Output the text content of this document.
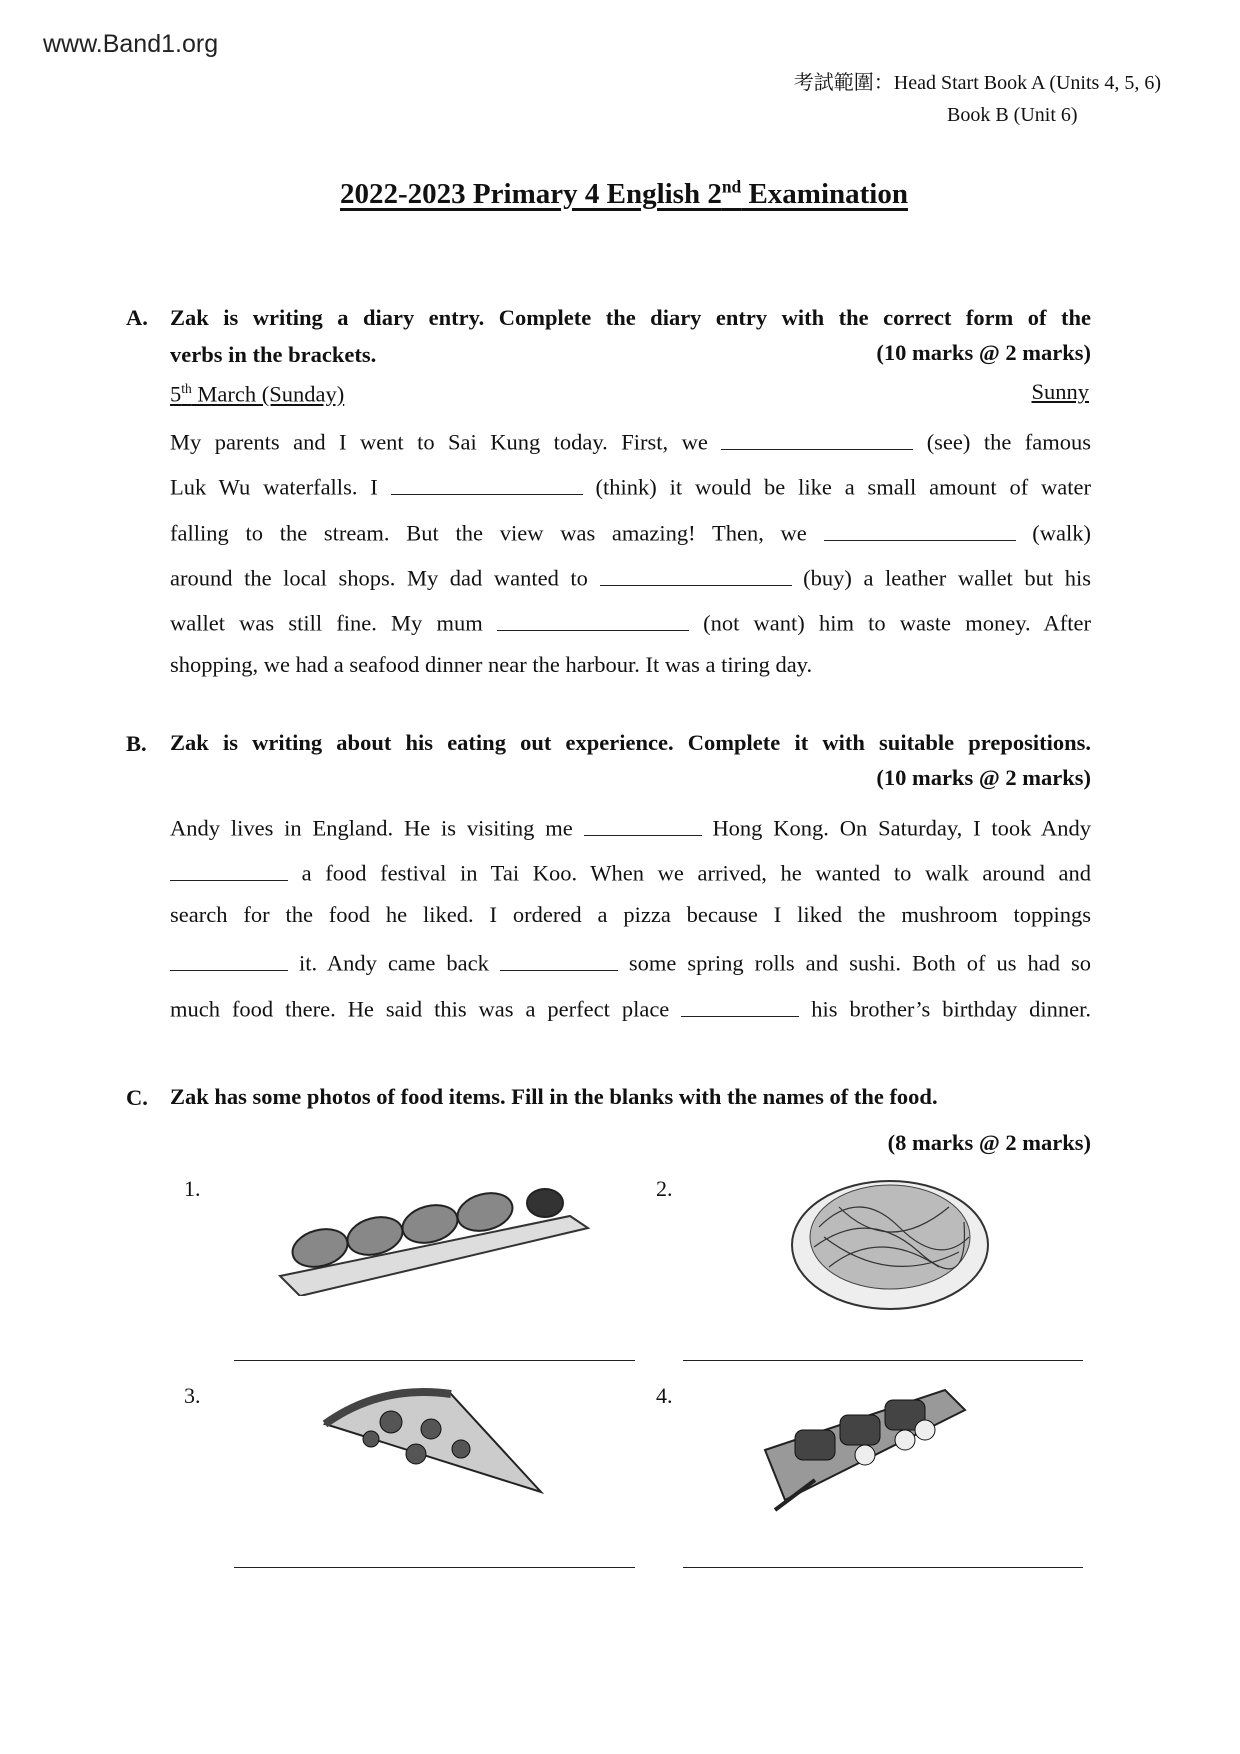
www.Band1.org
考試範圍：Head Start Book A (Units 4, 5, 6)
Book B (Unit 6)
2022-2023 Primary 4 English 2nd Examination
A. Zak is writing a diary entry. Complete the diary entry with the correct form of the
verbs in the brackets.	(10 marks @ 2 marks)
5th March (Sunday)	Sunny
My parents and I went to Sai Kung today. First, we	(see) the famous
Luk Wu waterfalls. I	(think) it would be like a small amount of water
falling to the stream. But the view was amazing! Then, we	(walk)
around the local shops. My dad wanted to	(buy) a leather wallet but his
wallet was still fine. My mum	(not want) him to waste money. After
shopping, we had a seafood dinner near the harbour. It was a tiring day.
B. Zak is writing about his eating out experience. Complete it with suitable prepositions.
(10 marks @ 2 marks)
Andy lives in England. He is visiting me	Hong Kong. On Saturday, I took Andy
a food festival in Tai Koo. When we arrived, he wanted to walk around and
search for the food he liked. I ordered a pizza because I liked the mushroom toppings
it. Andy came back	some spring rolls and sushi. Both of us had so
much food there. He said this was a perfect place	his brother’s birthday dinner.
C. Zak has some photos of food items. Fill in the blanks with the names of the food.
(8 marks @ 2 marks)
1.	2.
3.	4.
